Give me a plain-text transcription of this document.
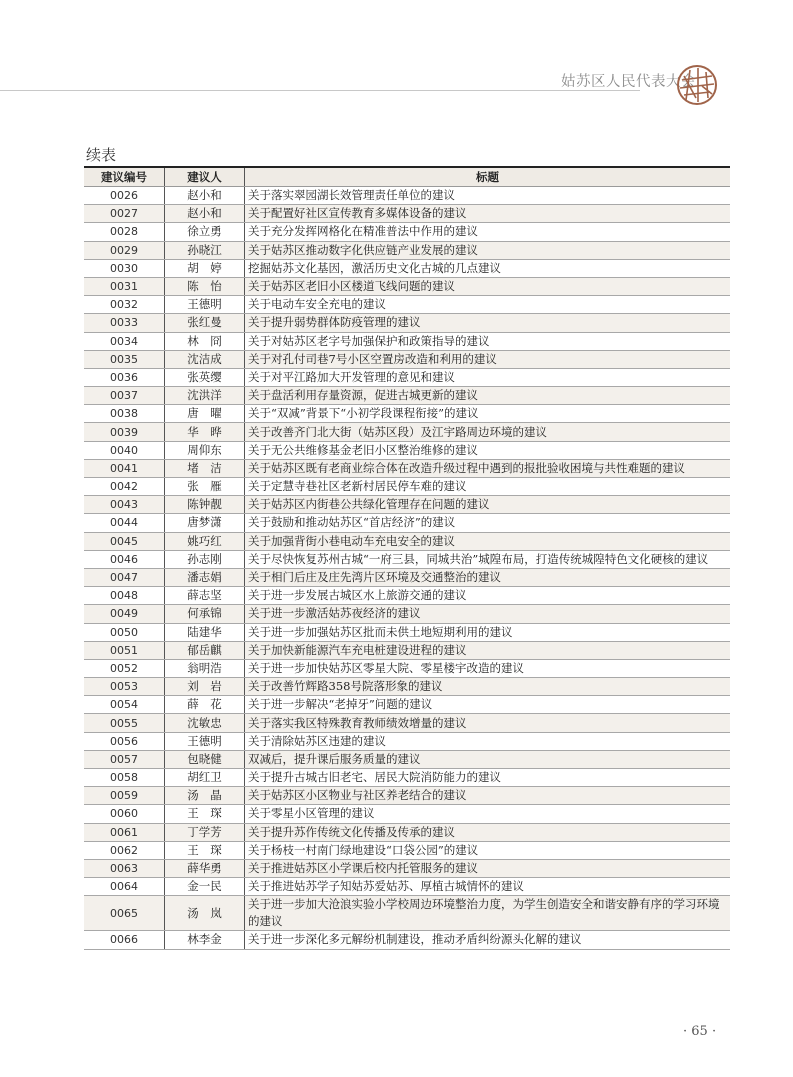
姑苏区人民代表大会
续表
建议编号	建议人	标题
0026	赵小和	关于落实翠园湖长效管理责任单位的建议
0027	赵小和	关于配置好社区宣传教育多媒体设备的建议
0028	徐立勇	关于充分发挥网格化在精准普法中作用的建议
0029	孙晓江	关于姑苏区推动数字化供应链产业发展的建议
0030	胡　婷	挖掘姑苏文化基因，激活历史文化古城的几点建议
0031	陈　怡	关于姑苏区老旧小区楼道飞线问题的建议
0032	王德明	关于电动车安全充电的建议
0033	张红曼	关于提升弱势群体防疫管理的建议
0034	林　冏	关于对姑苏区老字号加强保护和政策指导的建议
0035	沈洁成	关于对孔付司巷7号小区空置房改造和利用的建议
0036	张英缨	关于对平江路加大开发管理的意见和建议
0037	沈洪洋	关于盘活利用存量资源，促进古城更新的建议
0038	唐　曜	关于“双减”背景下“小初学段课程衔接”的建议
0039	华　晔	关于改善齐门北大街（姑苏区段）及江宇路周边环境的建议
0040	周仰东	关于无公共维修基金老旧小区整治维修的建议
0041	堵　洁	关于姑苏区既有老商业综合体在改造升级过程中遇到的报批验收困境与共性难题的建议
0042	张　雁	关于定慧寺巷社区老新村居民停车难的建议
0043	陈钟靓	关于姑苏区内街巷公共绿化管理存在问题的建议
0044	唐梦潇	关于鼓励和推动姑苏区“首店经济”的建议
0045	姚巧红	关于加强背街小巷电动车充电安全的建议
0046	孙志刚	关于尽快恢复苏州古城“一府三县，同城共治”城隍布局，打造传统城隍特色文化硬核的建议
0047	潘志娟	关于相门后庄及庄先湾片区环境及交通整治的建议
0048	薛志坚	关于进一步发展古城区水上旅游交通的建议
0049	何承锦	关于进一步激活姑苏夜经济的建议
0050	陆建华	关于进一步加强姑苏区批而未供土地短期利用的建议
0051	郁岳麒	关于加快新能源汽车充电桩建设进程的建议
0052	翁明浩	关于进一步加快姑苏区零星大院、零星楼宇改造的建议
0053	刘　岩	关于改善竹辉路358号院落形象的建议
0054	薛　花	关于进一步解决“老掉牙”问题的建议
0055	沈敏忠	关于落实我区特殊教育教师绩效增量的建议
0056	王德明	关于清除姑苏区违建的建议
0057	包晓健	双减后，提升课后服务质量的建议
0058	胡红卫	关于提升古城古旧老宅、居民大院消防能力的建议
0059	汤　晶	关于姑苏区小区物业与社区养老结合的建议
0060	王　琛	关于零星小区管理的建议
0061	丁学芳	关于提升苏作传统文化传播及传承的建议
0062	王　琛	关于杨枝一村南门绿地建设“口袋公园”的建议
0063	薛华勇	关于推进姑苏区小学课后校内托管服务的建议
0064	金一民	关于推进姑苏学子知姑苏爱姑苏、厚植古城情怀的建议
0065	汤　岚	关于进一步加大沧浪实验小学校周边环境整治力度，为学生创造安全和谐安静有序的学习环境的建议
0066	林李金	关于进一步深化多元解纷机制建设，推动矛盾纠纷源头化解的建议
· 65 ·
